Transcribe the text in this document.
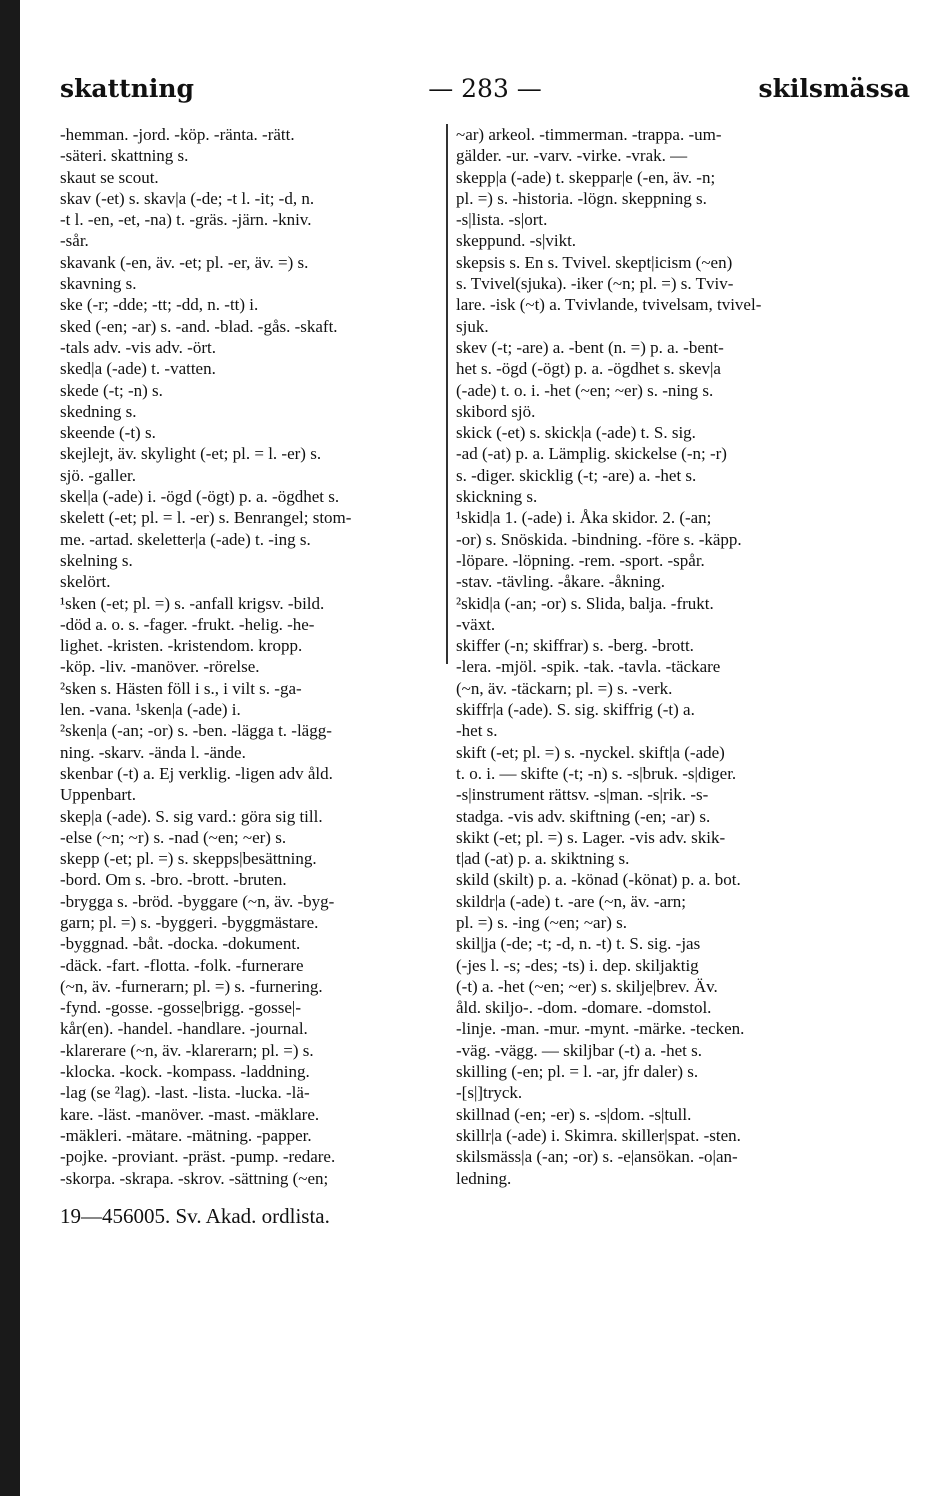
— 283 —
skattning	skilsmässa
-hemman. -jord. -köp. -ränta. -rätt.
-säteri. skattning s.
skaut se scout.
skav (-et) s. skav|a (-de; -t l. -it; -d, n.
-t l. -en, -et, -na) t. -gräs. -järn. -kniv.
-sår.
skavank (-en, äv. -et; pl. -er, äv. =) s.
skavning s.
ske (-r; -dde; -tt; -dd, n. -tt) i.
sked (-en; -ar) s. -and. -blad. -gås. -skaft.
-tals adv. -vis adv. -ört.
sked|a (-ade) t. -vatten.
skede (-t; -n) s.
skedning s.
skeende (-t) s.
skejlejt, äv. skylight (-et; pl. = l. -er) s.
sjö. -galler.
skel|a (-ade) i. -ögd (-ögt) p. a. -ögdhet s.
skelett (-et; pl. = l. -er) s. Benrangel; stom-
me. -artad. skeletter|a (-ade) t. -ing s.
skelning s.
skelört.
¹sken (-et; pl. =) s. -anfall krigsv. -bild.
-död a. o. s. -fager. -frukt. -helig. -he-
lighet. -kristen. -kristendom. kropp.
-köp. -liv. -manöver. -rörelse.
²sken s. Hästen föll i s., i vilt s. -ga-
len. -vana. ¹sken|a (-ade) i.
²sken|a (-an; -or) s. -ben. -lägga t. -lägg-
ning. -skarv. -ända l. -ände.
skenbar (-t) a. Ej verklig. -ligen adv åld.
Uppenbart.
skep|a (-ade). S. sig vard.: göra sig till.
-else (~n; ~r) s. -nad (~en; ~er) s.
skepp (-et; pl. =) s. skepps|besättning.
-bord. Om s. -bro. -brott. -bruten.
-brygga s. -bröd. -byggare (~n, äv. -byg-
garn; pl. =) s. -byggeri. -byggmästare.
-byggnad. -båt. -docka. -dokument.
-däck. -fart. -flotta. -folk. -furnerare
(~n, äv. -furnerarn; pl. =) s. -furnering.
-fynd. -gosse. -gosse|brigg. -gosse|-
kår(en). -handel. -handlare. -journal.
-klarerare (~n, äv. -klarerarn; pl. =) s.
-klocka. -kock. -kompass. -laddning.
-lag (se ²lag). -last. -lista. -lucka. -lä-
kare. -läst. -manöver. -mast. -mäklare.
-mäkleri. -mätare. -mätning. -papper.
-pojke. -proviant. -präst. -pump. -redare.
-skorpa. -skrapa. -skrov. -sättning (~en;
~ar) arkeol. -timmerman. -trappa. -um-
gälder. -ur. -varv. -virke. -vrak. —
skepp|a (-ade) t. skeppar|e (-en, äv. -n;
pl. =) s. -historia. -lögn. skeppning s.
-s|lista. -s|ort.
skeppund. -s|vikt.
skepsis s. En s. Tvivel. skept|icism (~en)
s. Tvivel(sjuka). -iker (~n; pl. =) s. Tviv-
lare. -isk (~t) a. Tvivlande, tvivelsam, tvivel-
sjuk.
skev (-t; -are) a. -bent (n. =) p. a. -bent-
het s. -ögd (-ögt) p. a. -ögdhet s. skev|a
(-ade) t. o. i. -het (~en; ~er) s. -ning s.
skibord sjö.
skick (-et) s. skick|a (-ade) t. S. sig.
-ad (-at) p. a. Lämplig. skickelse (-n; -r)
s. -diger. skicklig (-t; -are) a. -het s.
skickning s.
¹skid|a 1. (-ade) i. Åka skidor. 2. (-an;
-or) s. Snöskida. -bindning. -före s. -käpp.
-löpare. -löpning. -rem. -sport. -spår.
-stav. -tävling. -åkare. -åkning.
²skid|a (-an; -or) s. Slida, balja. -frukt.
-växt.
skiffer (-n; skiffrar) s. -berg. -brott.
-lera. -mjöl. -spik. -tak. -tavla. -täckare
(~n, äv. -täckarn; pl. =) s. -verk.
skiffr|a (-ade). S. sig. skiffrig (-t) a.
-het s.
skift (-et; pl. =) s. -nyckel. skift|a (-ade)
t. o. i. — skifte (-t; -n) s. -s|bruk. -s|diger.
-s|instrument rättsv. -s|man. -s|rik. -s-
stadga. -vis adv. skiftning (-en; -ar) s.
skikt (-et; pl. =) s. Lager. -vis adv. skik-
t|ad (-at) p. a. skiktning s.
skild (skilt) p. a. -könad (-könat) p. a. bot.
skildr|a (-ade) t. -are (~n, äv. -arn;
pl. =) s. -ing (~en; ~ar) s.
skil|ja (-de; -t; -d, n. -t) t. S. sig. -jas
(-jes l. -s; -des; -ts) i. dep. skiljaktig
(-t) a. -het (~en; ~er) s. skilje|brev. Äv.
åld. skiljo-. -dom. -domare. -domstol.
-linje. -man. -mur. -mynt. -märke. -tecken.
-väg. -vägg. — skiljbar (-t) a. -het s.
skilling (-en; pl. = l. -ar, jfr daler) s.
-[s|]tryck.
skillnad (-en; -er) s. -s|dom. -s|tull.
skillr|a (-ade) i. Skimra. skiller|spat. -sten.
skilsmäss|a (-an; -or) s. -e|ansökan. -o|an-
ledning.
19—456005. Sv. Akad. ordlista.
